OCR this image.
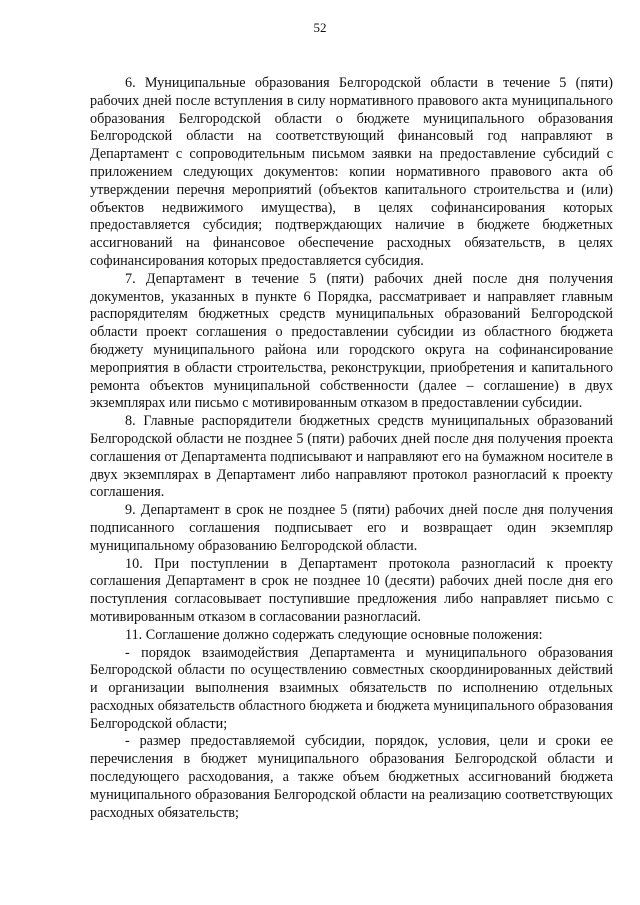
52

6. Муниципальные образования Белгородской области в течение 5 (пяти) рабочих дней после вступления в силу нормативного правового акта муниципального образования Белгородской области о бюджете муниципального образования Белгородской области на соответствующий финансовый год направляют в Департамент с сопроводительным письмом заявки на предоставление субсидий с приложением следующих документов: копии нормативного правового акта об утверждении перечня мероприятий (объектов капитального строительства и (или) объектов недвижимого имущества), в целях софинансирования которых предоставляется субсидия; подтверждающих наличие в бюджете бюджетных ассигнований на финансовое обеспечение расходных обязательств, в целях софинансирования которых предоставляется субсидия.

7. Департамент в течение 5 (пяти) рабочих дней после дня получения документов, указанных в пункте 6 Порядка, рассматривает и направляет главным распорядителям бюджетных средств муниципальных образований Белгородской области проект соглашения о предоставлении субсидии из областного бюджета бюджету муниципального района или городского округа на софинансирование мероприятия в области строительства, реконструкции, приобретения и капитального ремонта объектов муниципальной собственности (далее – соглашение) в двух экземплярах или письмо с мотивированным отказом в предоставлении субсидии.

8. Главные распорядители бюджетных средств муниципальных образований Белгородской области не позднее 5 (пяти) рабочих дней после дня получения проекта соглашения от Департамента подписывают и направляют его на бумажном носителе в двух экземплярах в Департамент либо направляют протокол разногласий к проекту соглашения.

9. Департамент в срок не позднее 5 (пяти) рабочих дней после дня получения подписанного соглашения подписывает его и возвращает один экземпляр муниципальному образованию Белгородской области.

10. При поступлении в Департамент протокола разногласий к проекту соглашения Департамент в срок не позднее 10 (десяти) рабочих дней после дня его поступления согласовывает поступившие предложения либо направляет письмо с мотивированным отказом в согласовании разногласий.

11. Соглашение должно содержать следующие основные положения:

- порядок взаимодействия Департамента и муниципального образования Белгородской области по осуществлению совместных скоординированных действий и организации выполнения взаимных обязательств по исполнению отдельных расходных обязательств областного бюджета и бюджета муниципального образования Белгородской области;

- размер предоставляемой субсидии, порядок, условия, цели и сроки ее перечисления в бюджет муниципального образования Белгородской области и последующего расходования, а также объем бюджетных ассигнований бюджета муниципального образования Белгородской области на реализацию соответствующих расходных обязательств;
